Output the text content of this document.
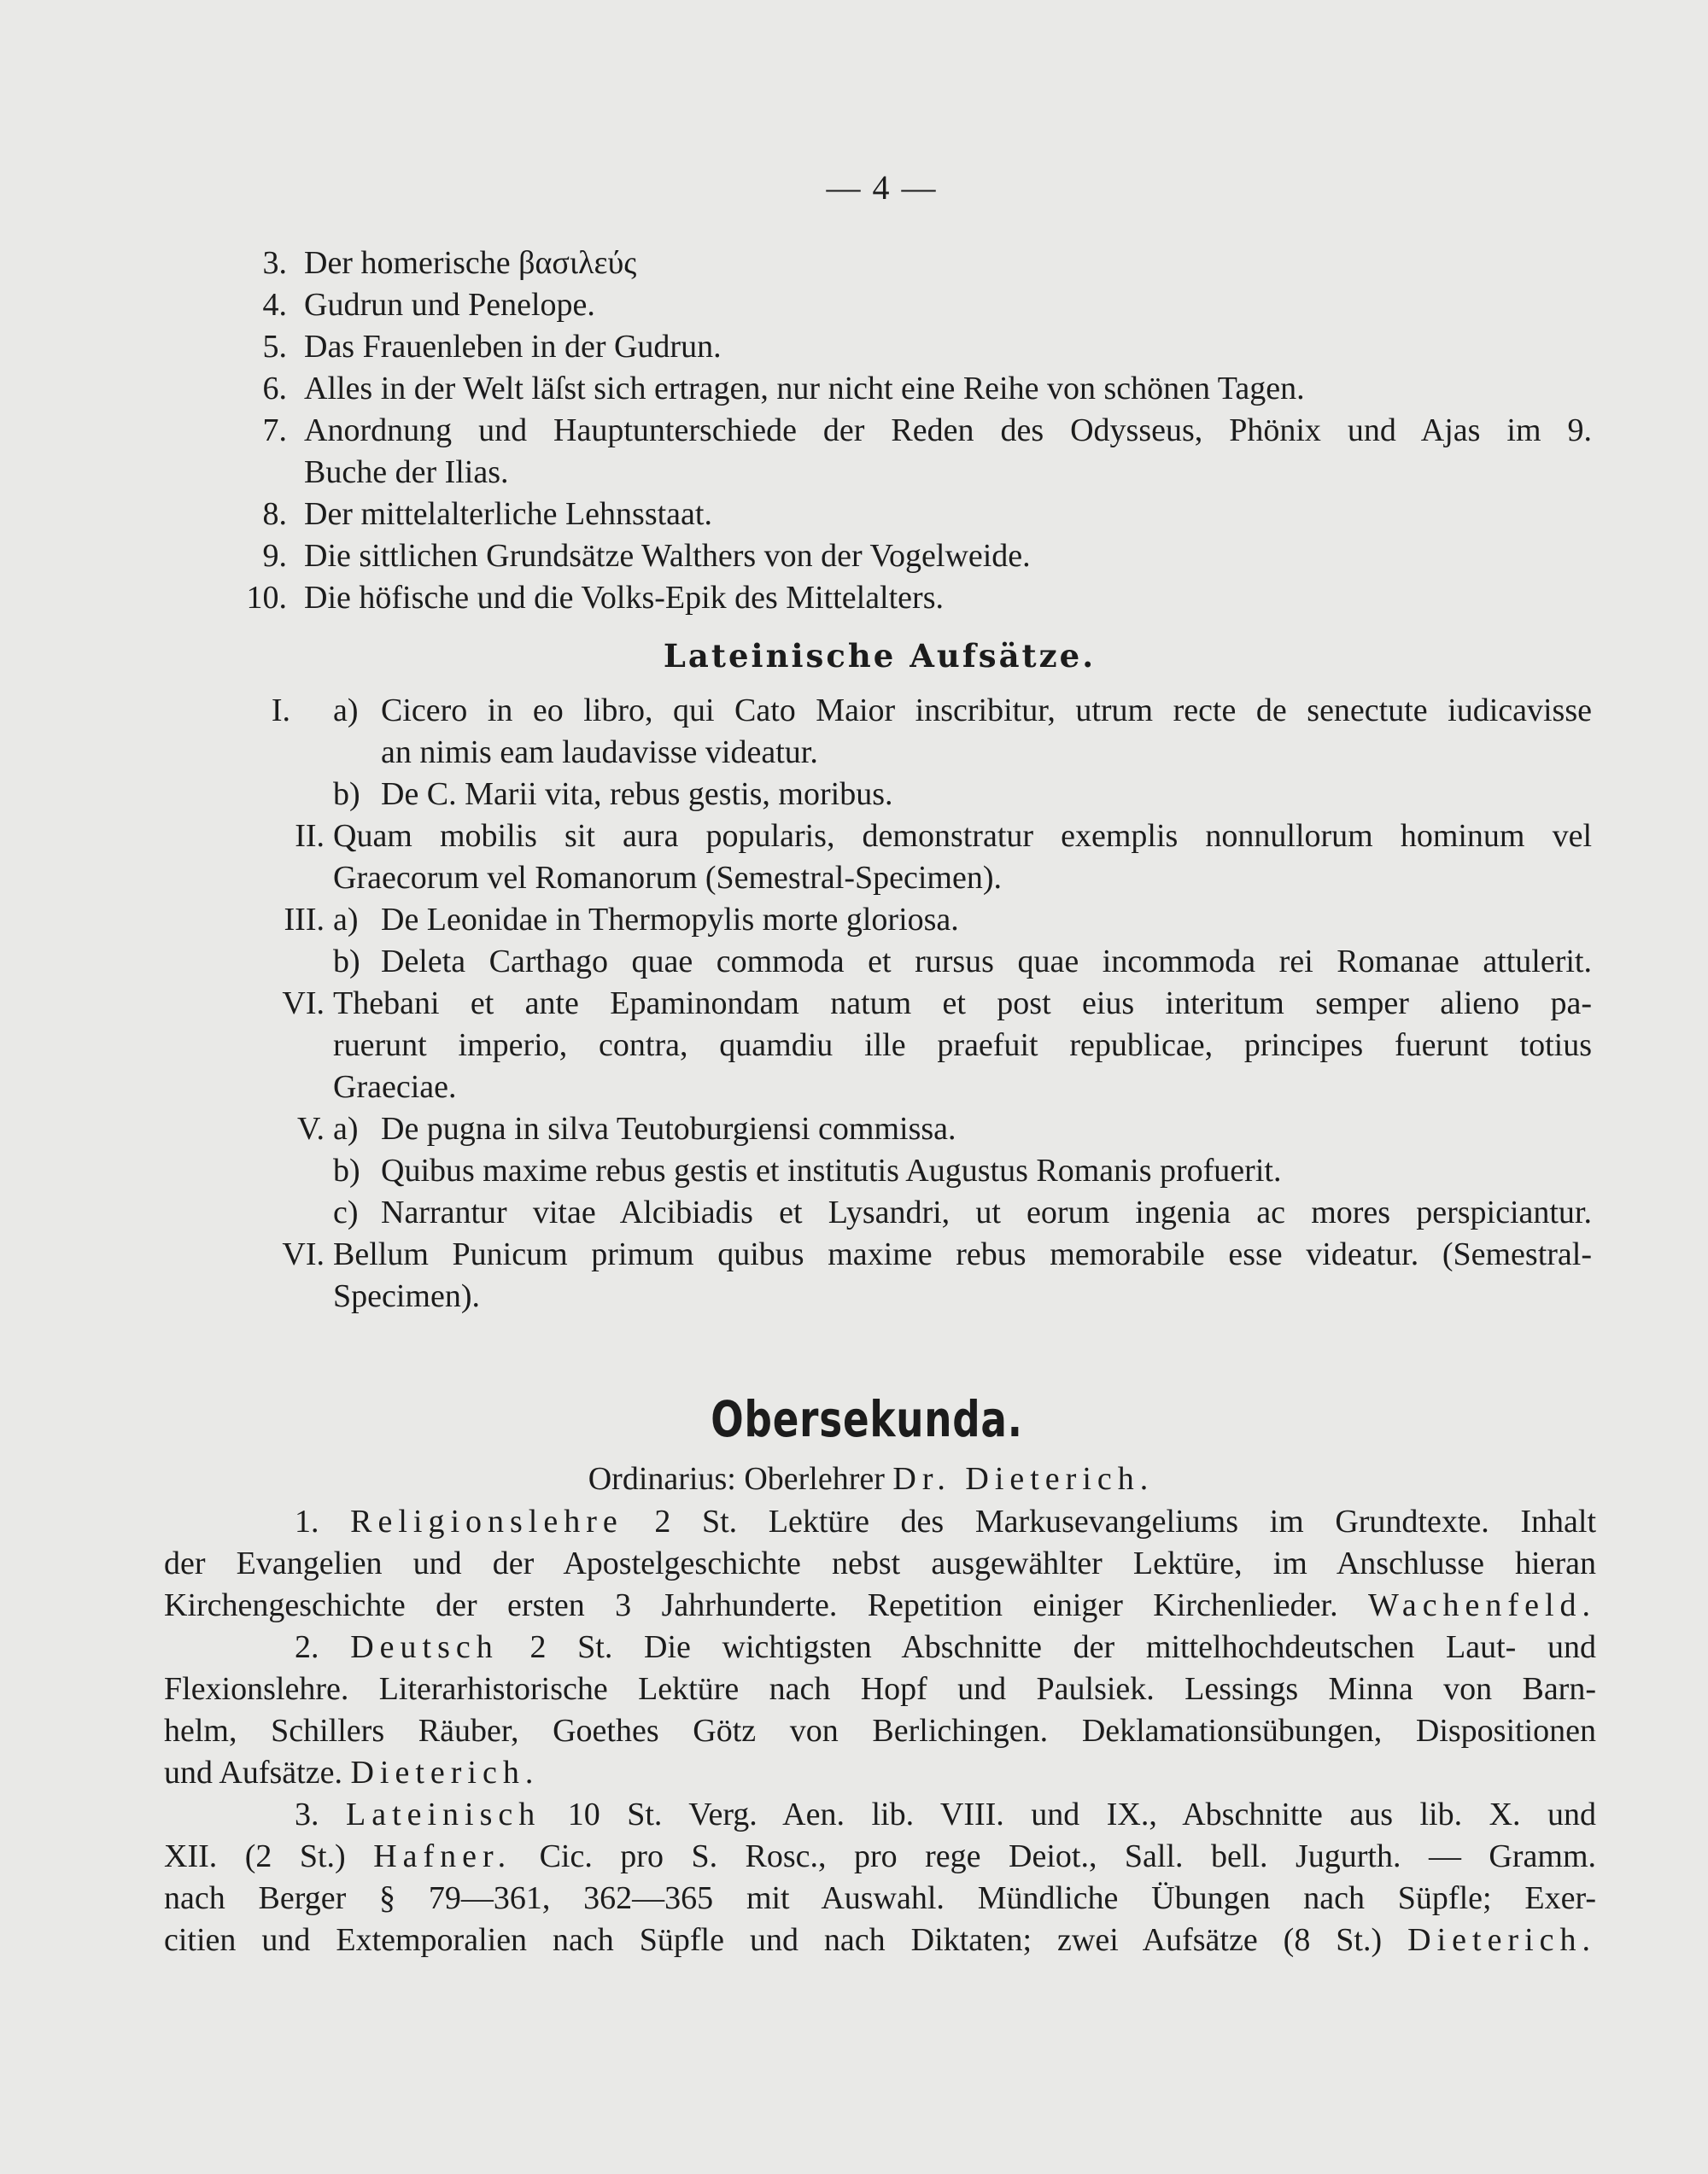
— 4 —
3. Der homerische βασιλεύς
4. Gudrun und Penelope.
5. Das Frauenleben in der Gudrun.
6. Alles in der Welt läſst sich ertragen, nur nicht eine Reihe von schönen Tagen.
7. Anordnung und Hauptunterschiede der Reden des Odysseus, Phönix und Ajas im 9.
Buche der Ilias.
8. Der mittelalterliche Lehnsstaat.
9. Die sittlichen Grundsätze Walthers von der Vogelweide.
10. Die höfische und die Volks-Epik des Mittelalters.
Lateinische Aufsätze.
I. a) Cicero in eo libro, qui Cato Maior inscribitur, utrum recte de senectute iudicavisse
an nimis eam laudavisse videatur.
b) De C. Marii vita, rebus gestis, moribus.
II. Quam mobilis sit aura popularis, demonstratur exemplis nonnullorum hominum vel
Graecorum vel Romanorum (Semestral-Specimen).
III. a) De Leonidae in Thermopylis morte gloriosa.
b) Deleta Carthago quae commoda et rursus quae incommoda rei Romanae attulerit.
VI. Thebani et ante Epaminondam natum et post eius interitum semper alieno pa-
ruerunt imperio, contra, quamdiu ille praefuit republicae, principes fuerunt totius
Graeciae.
V. a) De pugna in silva Teutoburgiensi commissa.
b) Quibus maxime rebus gestis et institutis Augustus Romanis profuerit.
c) Narrantur vitae Alcibiadis et Lysandri, ut eorum ingenia ac mores perspiciantur.
VI. Bellum Punicum primum quibus maxime rebus memorabile esse videatur. (Semestral-
Specimen).
Obersekunda.
Ordinarius: Oberlehrer Dr. Dieterich.
1. Religionslehre 2 St. Lektüre des Markusevangeliums im Grundtexte. Inhalt
der Evangelien und der Apostelgeschichte nebst ausgewählter Lektüre, im Anschlusse hieran
Kirchengeschichte der ersten 3 Jahrhunderte. Repetition einiger Kirchenlieder. Wachenfeld.
2. Deutsch 2 St. Die wichtigsten Abschnitte der mittelhochdeutschen Laut- und
Flexionslehre. Literarhistorische Lektüre nach Hopf und Paulsiek. Lessings Minna von Barn-
helm, Schillers Räuber, Goethes Götz von Berlichingen. Deklamationsübungen, Dispositionen
und Aufsätze. Dieterich.
3. Lateinisch 10 St. Verg. Aen. lib. VIII. und IX., Abschnitte aus lib. X. und
XII. (2 St.) Hafner. Cic. pro S. Rosc., pro rege Deiot., Sall. bell. Jugurth. — Gramm.
nach Berger § 79—361, 362—365 mit Auswahl. Mündliche Übungen nach Süpfle; Exer-
citien und Extemporalien nach Süpfle und nach Diktaten; zwei Aufsätze (8 St.) Dieterich.
